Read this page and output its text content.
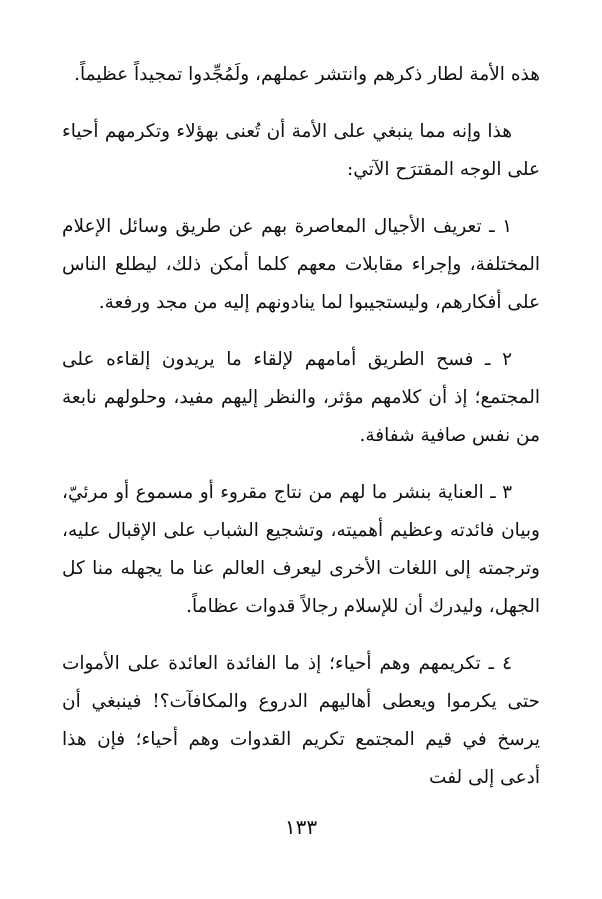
هذه الأمة لطار ذكرهم وانتشر عملهم، ولَمُجِّدوا تمجيداً عظيماً.

هذا وإنه مما ينبغي على الأمة أن تُعنى بهؤلاء وتكرمهم أحياء على الوجه المقترَح الآتي:

١ ـ تعريف الأجيال المعاصرة بهم عن طريق وسائل الإعلام المختلفة، وإجراء مقابلات معهم كلما أمكن ذلك، ليطلع الناس على أفكارهم، وليستجيبوا لما ينادونهم إليه من مجد ورفعة.

٢ ـ فسح الطريق أمامهم لإلقاء ما يريدون إلقاءه على المجتمع؛ إذ أن كلامهم مؤثر، والنظر إليهم مفيد، وحلولهم نابعة من نفس صافية شفافة.

٣ ـ العناية بنشر ما لهم من نتاج مقروء أو مسموع أو مرئيّ، وبيان فائدته وعظيم أهميته، وتشجيع الشباب على الإقبال عليه، وترجمته إلى اللغات الأخرى ليعرف العالم عنا ما يجهله منا كل الجهل، وليدرك أن للإسلام رجالاً قدوات عظاماً.

٤ ـ تكريمهم وهم أحياء؛ إذ ما الفائدة العائدة على الأموات حتى يكرموا ويعطى أهاليهم الدروع والمكافآت؟! فينبغي أن يرسخ في قيم المجتمع تكريم القدوات وهم أحياء؛ فإن هذا أدعى إلى لفت

١٣٣
